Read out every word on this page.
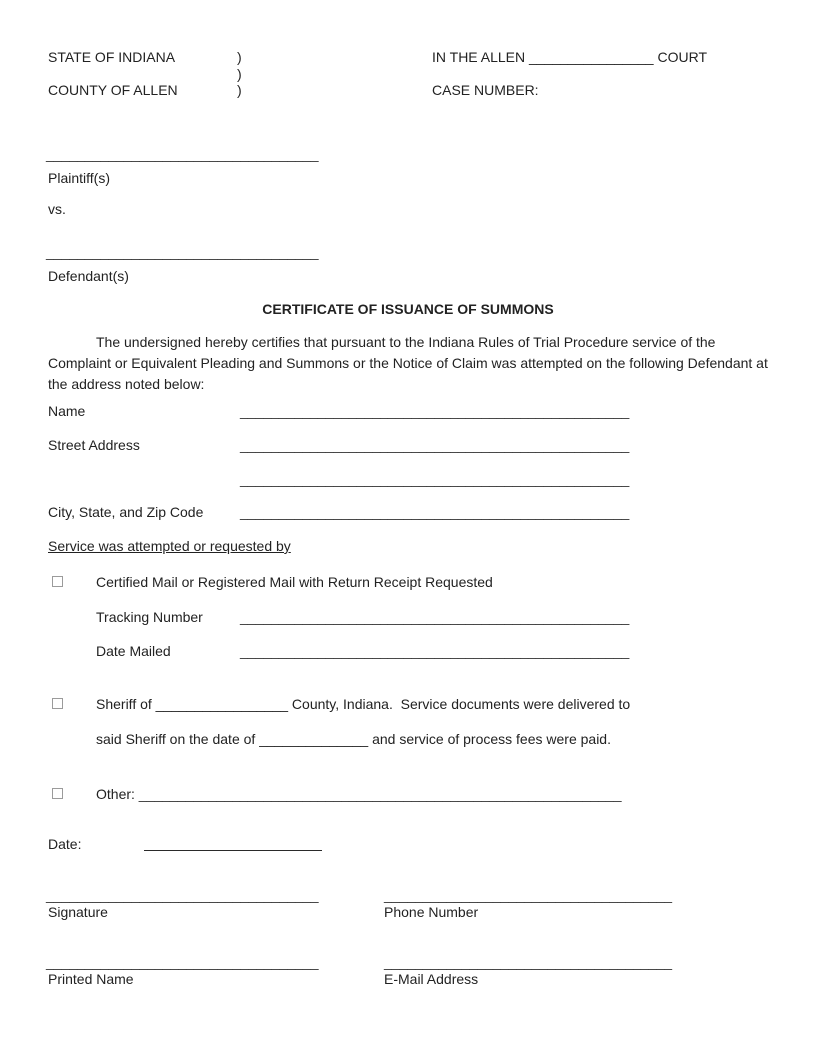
STATE OF INDIANA	)
)
COUNTY OF ALLEN	)
IN THE ALLEN ________________ COURT
CASE NUMBER:
___________________________________
Plaintiff(s)
vs.
___________________________________
Defendant(s)
CERTIFICATE OF ISSUANCE OF SUMMONS
The undersigned hereby certifies that pursuant to the Indiana Rules of Trial Procedure service of the Complaint or Equivalent Pleading and Summons or the Notice of Claim was attempted on the following Defendant at the address noted below:
Name	__________________________________________________
Street Address	__________________________________________________
__________________________________________________
City, State, and Zip Code	__________________________________________________
Service was attempted or requested by
Certified Mail or Registered Mail with Return Receipt Requested
Tracking Number	__________________________________________________
Date Mailed	__________________________________________________
Sheriff of _________________ County, Indiana.  Service documents were delivered to
said Sheriff on the date of ______________ and service of process fees were paid.
Other: ______________________________________________________________
Date:
___________________________________	_____________________________________
Signature	Phone Number
___________________________________	_____________________________________
Printed Name	E-Mail Address
